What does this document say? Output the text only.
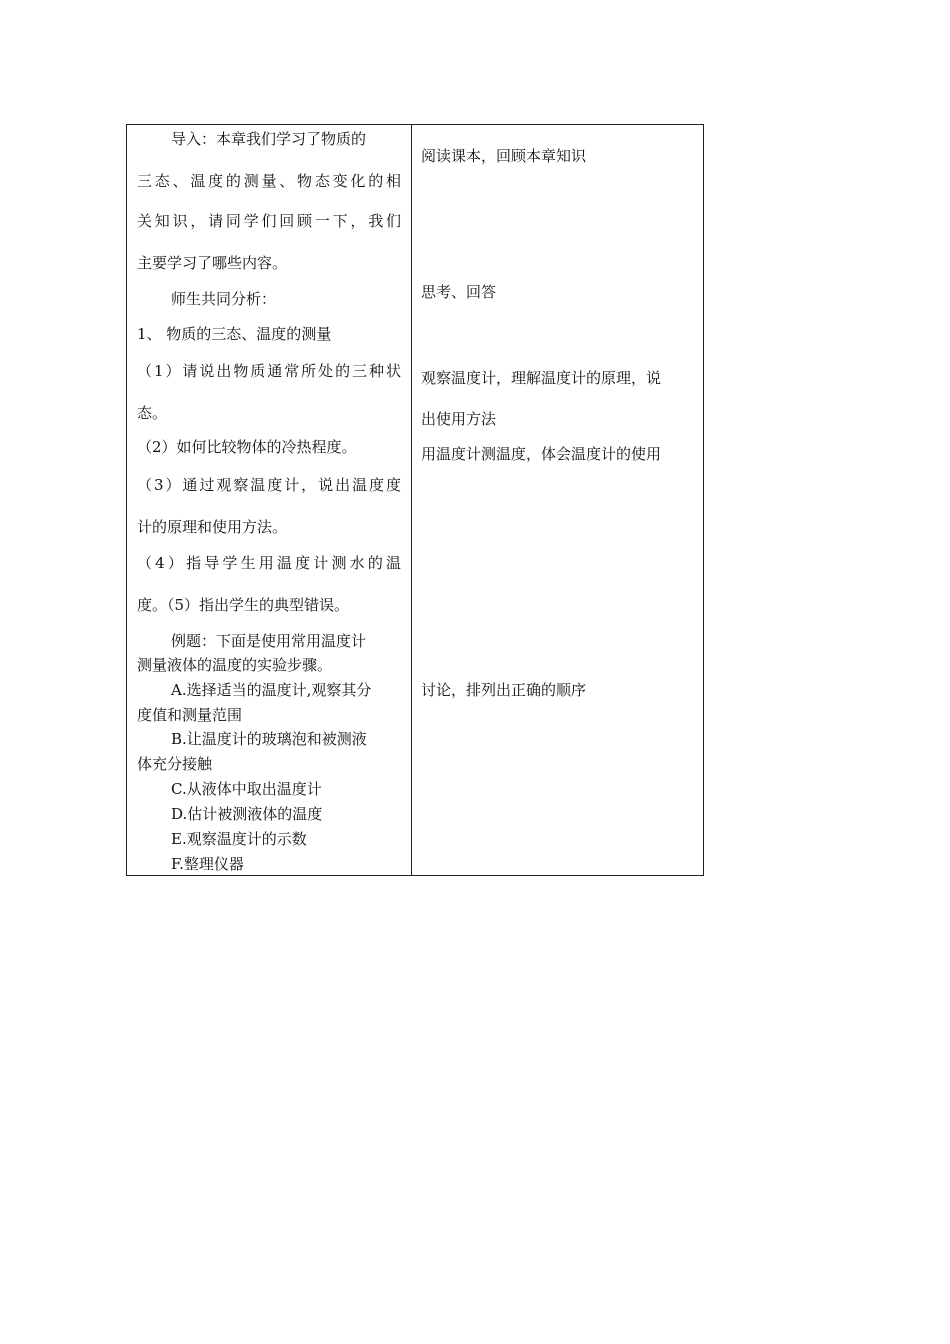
导入：本章我们学习了物质的
三态、温度的测量、物态变化的相
关知识，请同学们回顾一下，我们
主要学习了哪些内容。
师生共同分析：
1、 物质的三态、温度的测量
（1）请说出物质通常所处的三种状
态。
（2）如何比较物体的冷热程度。
（3）通过观察温度计，说出温度度
计的原理和使用方法。
（4）指导学生用温度计测水的温
度。（5）指出学生的典型错误。
例题：下面是使用常用温度计
测量液体的温度的实验步骤。
A.选择适当的温度计,观察其分
度值和测量范围
B.让温度计的玻璃泡和被测液
体充分接触
C.从液体中取出温度计
D.估计被测液体的温度
E.观察温度计的示数
F.整理仪器
阅读课本，回顾本章知识
思考、回答
观察温度计，理解温度计的原理，说
出使用方法
用温度计测温度，体会温度计的使用
讨论，排列出正确的顺序
